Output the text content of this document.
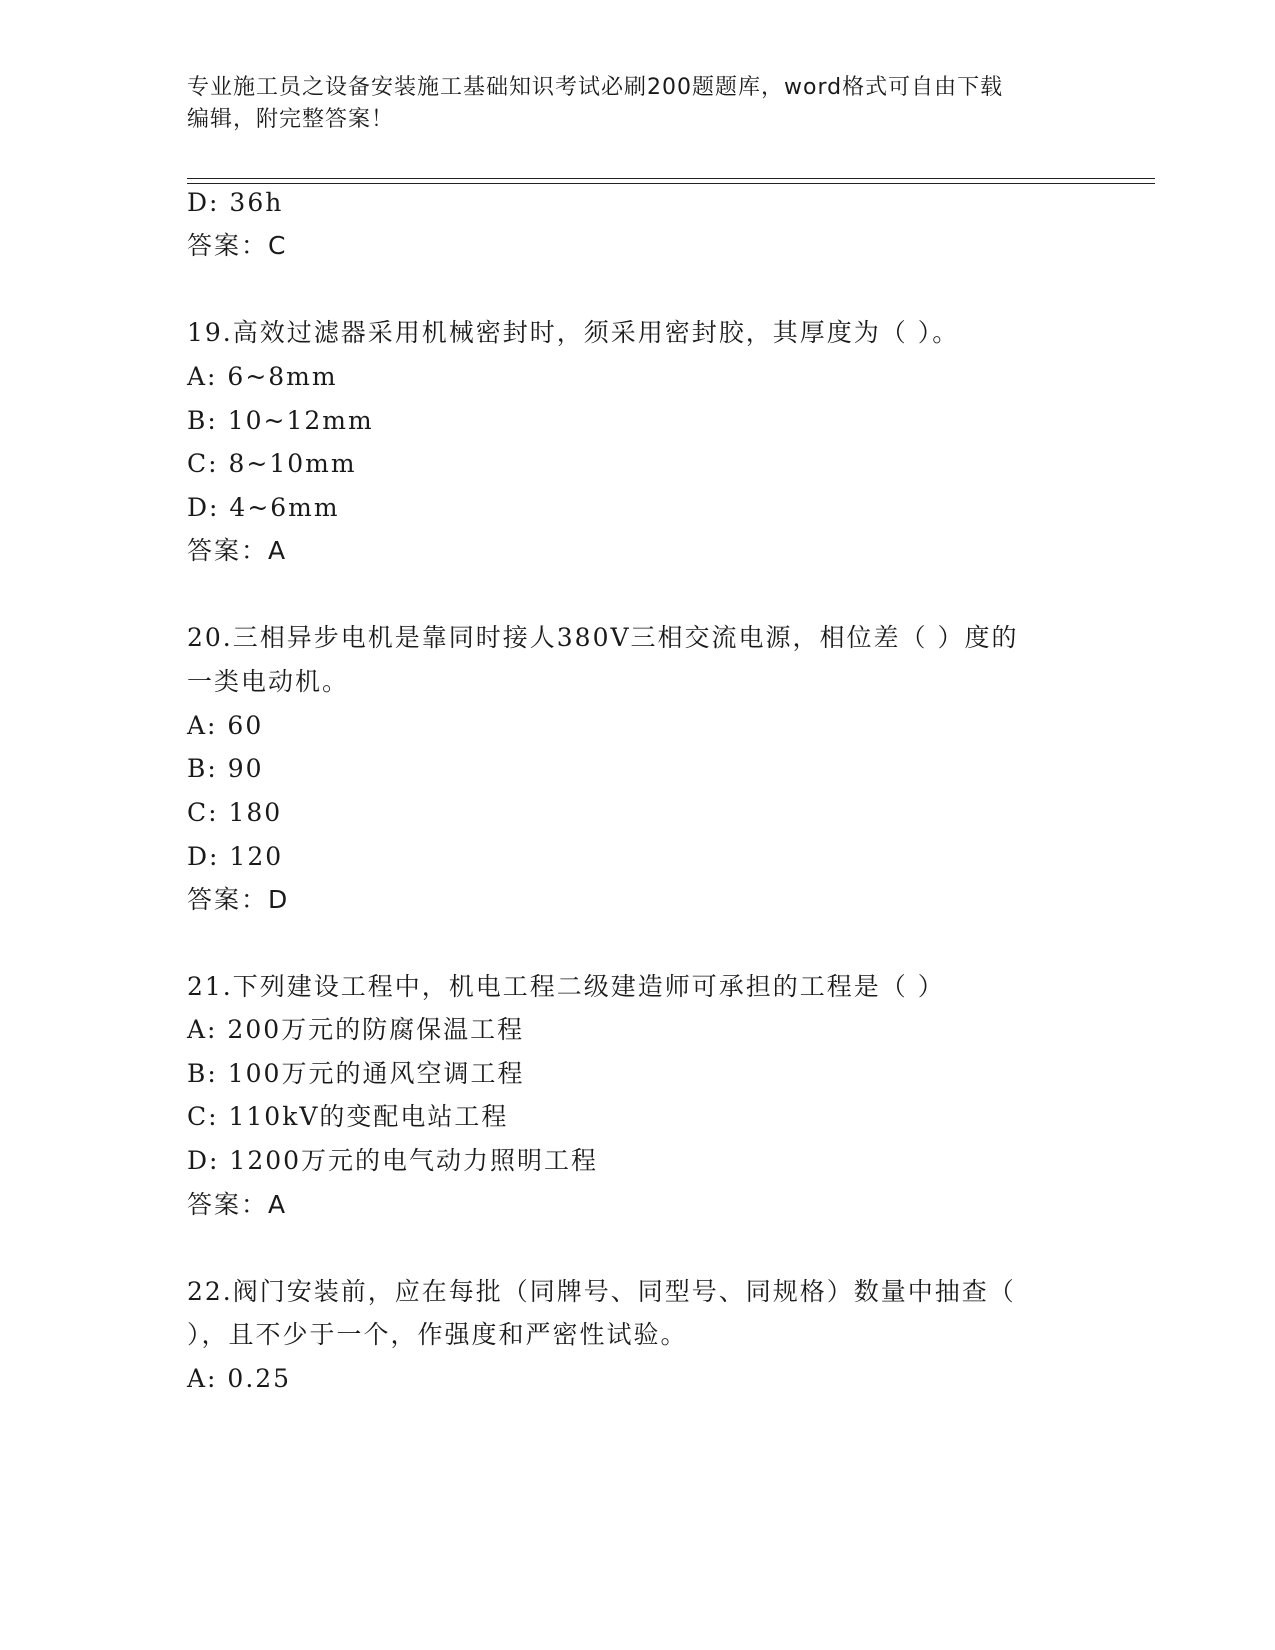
专业施工员之设备安装施工基础知识考试必刷200题题库，word格式可自由下载
编辑，附完整答案！
D: 36h
答案：C
19.高效过滤器采用机械密封时，须采用密封胶，其厚度为（ ）。
A: 6~8mm
B: 10~12mm
C: 8~10mm
D: 4~6mm
答案：A
20.三相异步电机是靠同时接人380V三相交流电源，相位差（ ）度的
一类电动机。
A: 60
B: 90
C: 180
D: 120
答案：D
21.下列建设工程中，机电工程二级建造师可承担的工程是（ ）
A: 200万元的防腐保温工程
B: 100万元的通风空调工程
C: 110kV的变配电站工程
D: 1200万元的电气动力照明工程
答案：A
22.阀门安装前，应在每批（同牌号、同型号、同规格）数量中抽查（
），且不少于一个，作强度和严密性试验。
A: 0.25
